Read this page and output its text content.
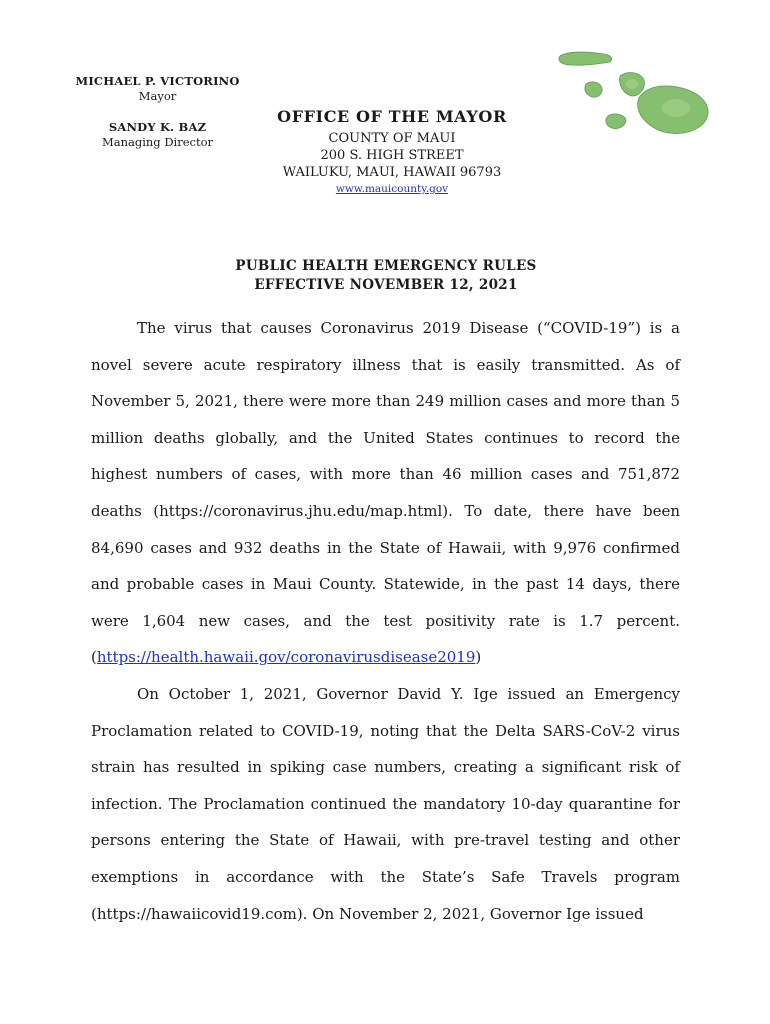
MICHAEL P. VICTORINO
Mayor
SANDY K. BAZ
Managing Director
OFFICE OF THE MAYOR
COUNTY OF MAUI
200 S. HIGH STREET
WAILUKU, MAUI, HAWAII 96793
www.mauicounty.gov
PUBLIC HEALTH EMERGENCY RULES
EFFECTIVE NOVEMBER 12, 2021

The virus that causes Coronavirus 2019 Disease (“COVID-19”) is a novel severe acute respiratory illness that is easily transmitted. As of November 5, 2021, there were more than 249 million cases and more than 5 million deaths globally, and the United States continues to record the highest numbers of cases, with more than 46 million cases and 751,872 deaths (https://coronavirus.jhu.edu/map.html). To date, there have been 84,690 cases and 932 deaths in the State of Hawaii, with 9,976 confirmed and probable cases in Maui County. Statewide, in the past 14 days, there were 1,604 new cases, and the test positivity rate is 1.7 percent. (https://health.hawaii.gov/coronavirusdisease2019)

On October 1, 2021, Governor David Y. Ige issued an Emergency Proclamation related to COVID-19, noting that the Delta SARS-CoV-2 virus strain has resulted in spiking case numbers, creating a significant risk of infection. The Proclamation continued the mandatory 10-day quarantine for persons entering the State of Hawaii, with pre-travel testing and other exemptions in accordance with the State’s Safe Travels program (https://hawaiicovid19.com). On November 2, 2021, Governor Ige issued
